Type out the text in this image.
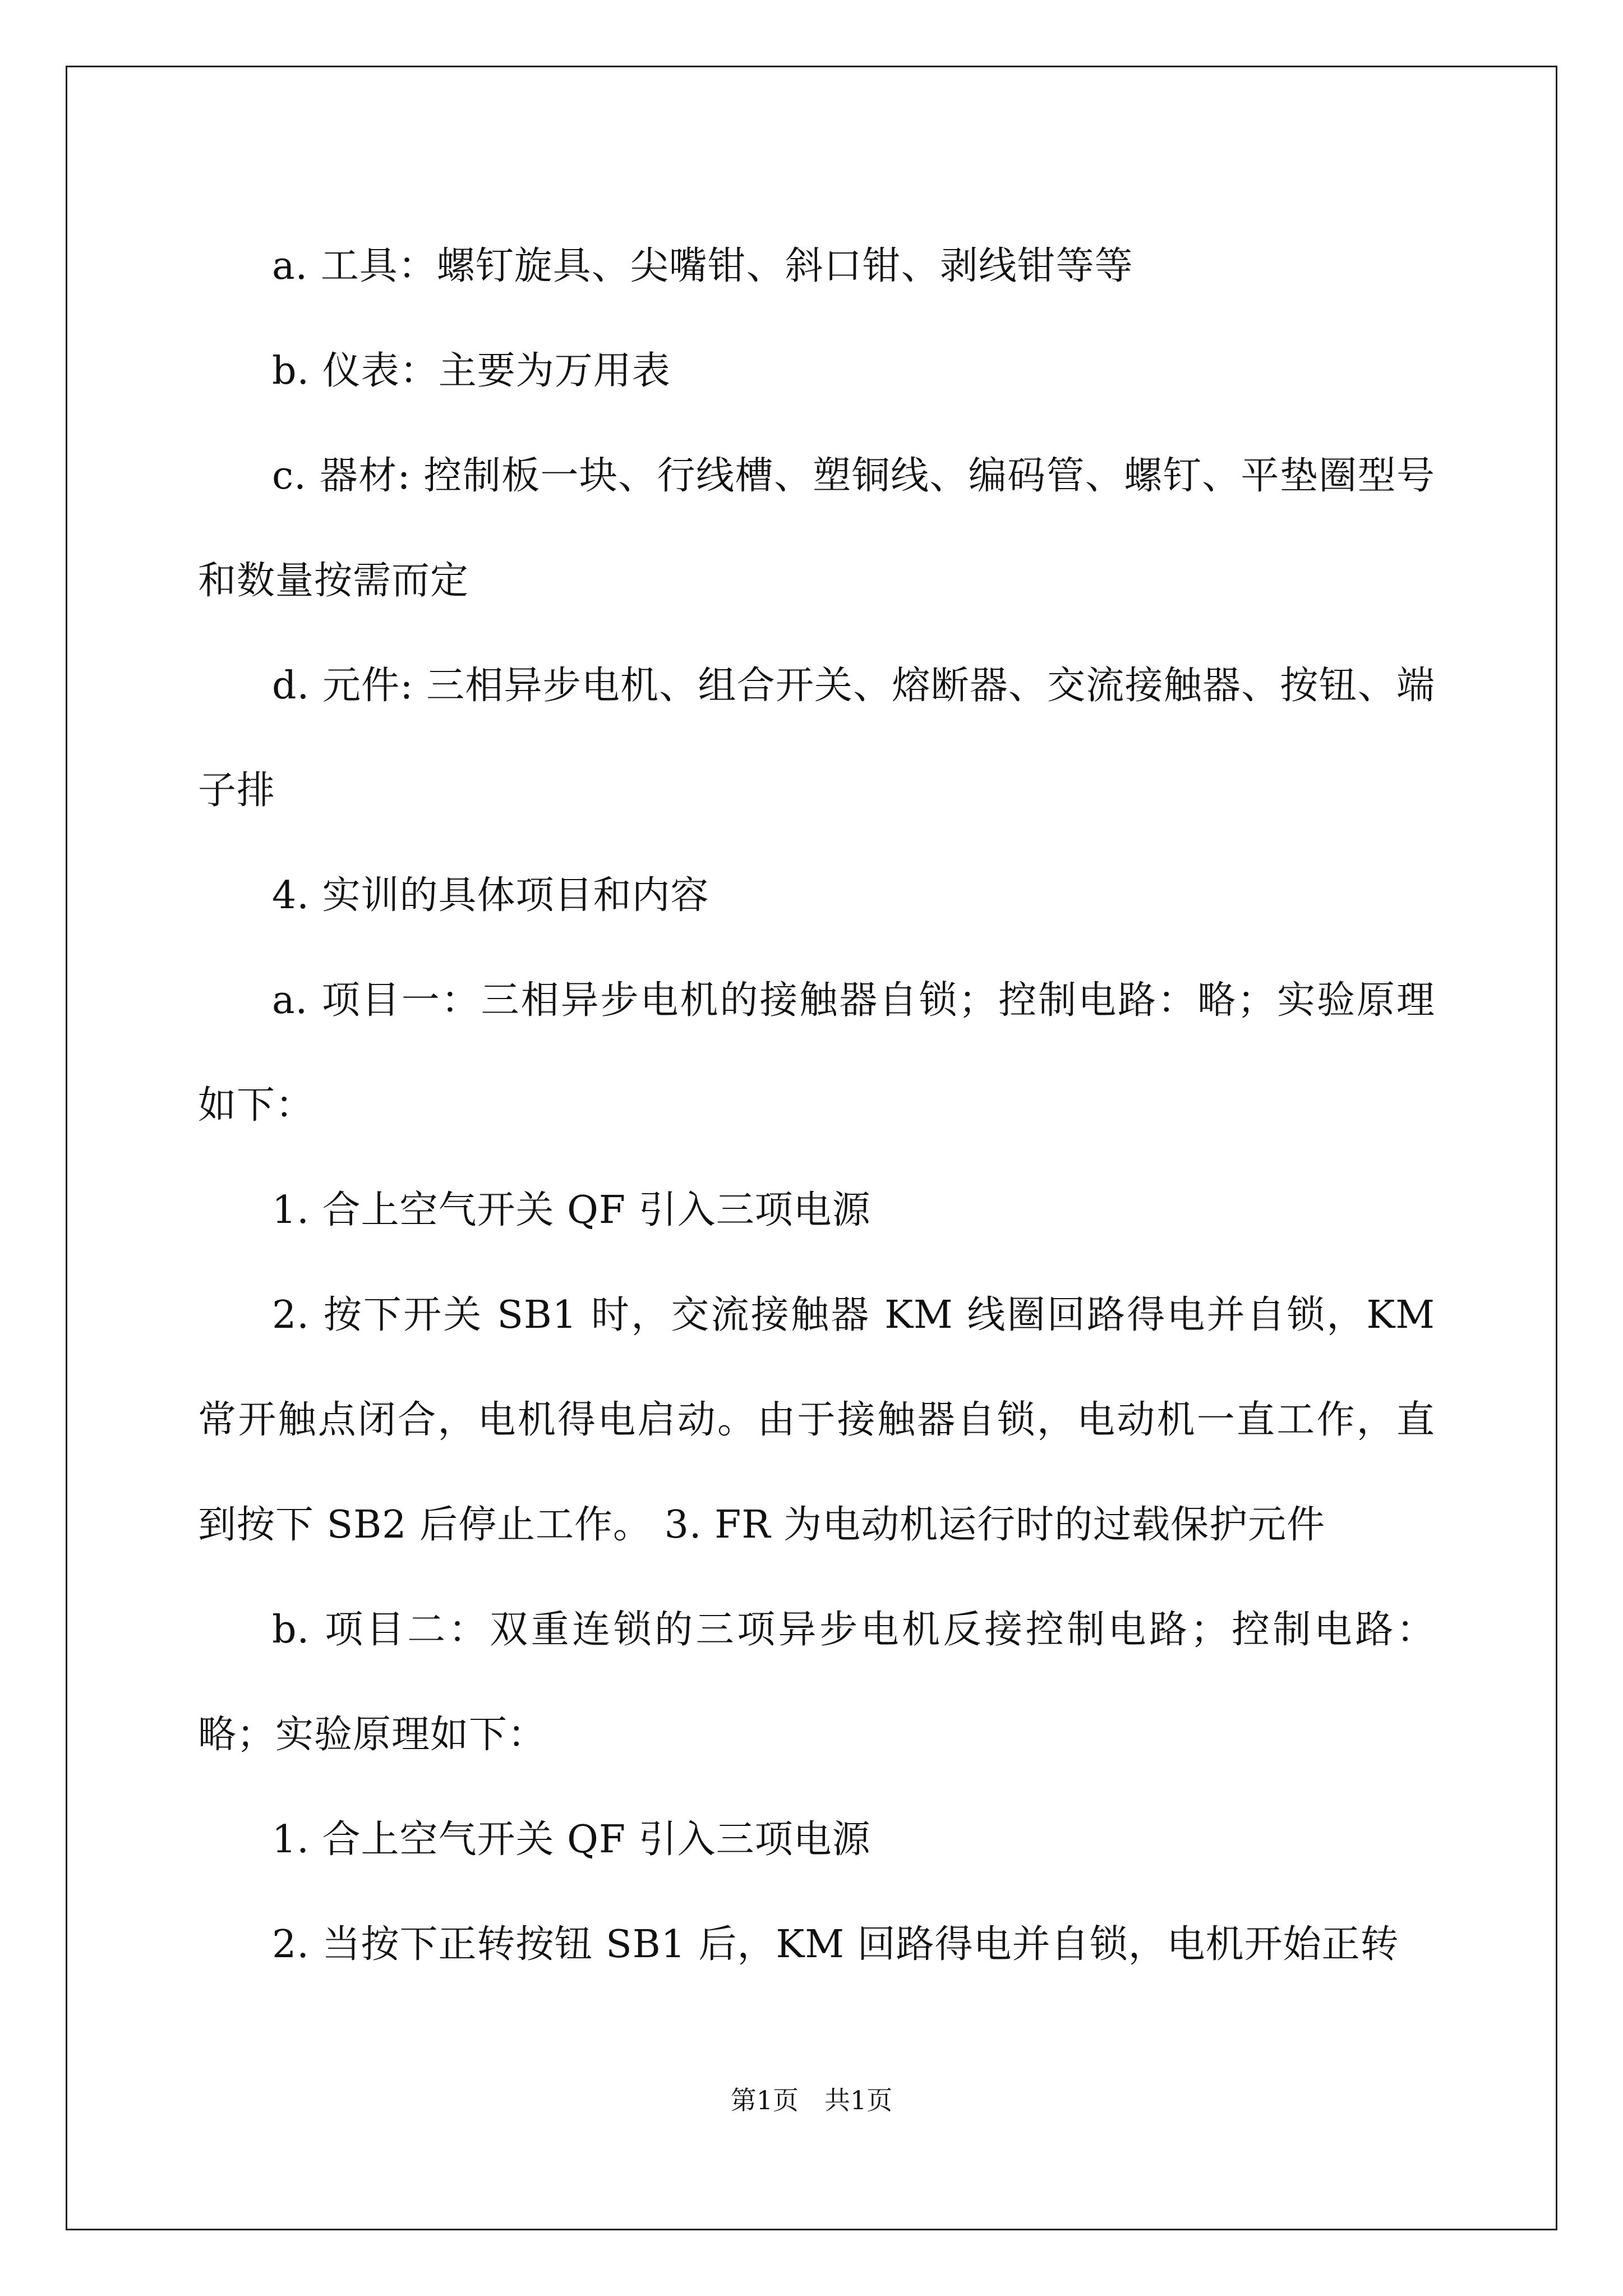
a. 工具：螺钉旋具、尖嘴钳、斜口钳、剥线钳等等

b. 仪表：主要为万用表

c. 器材: 控制板一块、行线槽、塑铜线、编码管、螺钉、平垫圈型号和数量按需而定

d. 元件: 三相异步电机、组合开关、熔断器、交流接触器、按钮、端子排

4. 实训的具体项目和内容

a. 项目一：三相异步电机的接触器自锁；控制电路：略；实验原理如下：

1. 合上空气开关 QF 引入三项电源

2. 按下开关 SB1 时，交流接触器 KM 线圈回路得电并自锁，KM 常开触点闭合，电机得电启动。由于接触器自锁，电动机一直工作，直到按下 SB2 后停止工作。 3. FR 为电动机运行时的过载保护元件

b. 项目二：双重连锁的三项异步电机反接控制电路；控制电路：略；实验原理如下：

1. 合上空气开关 QF 引入三项电源

2. 当按下正转按钮 SB1 后，KM 回路得电并自锁，电机开始正转

第1页　共1页
